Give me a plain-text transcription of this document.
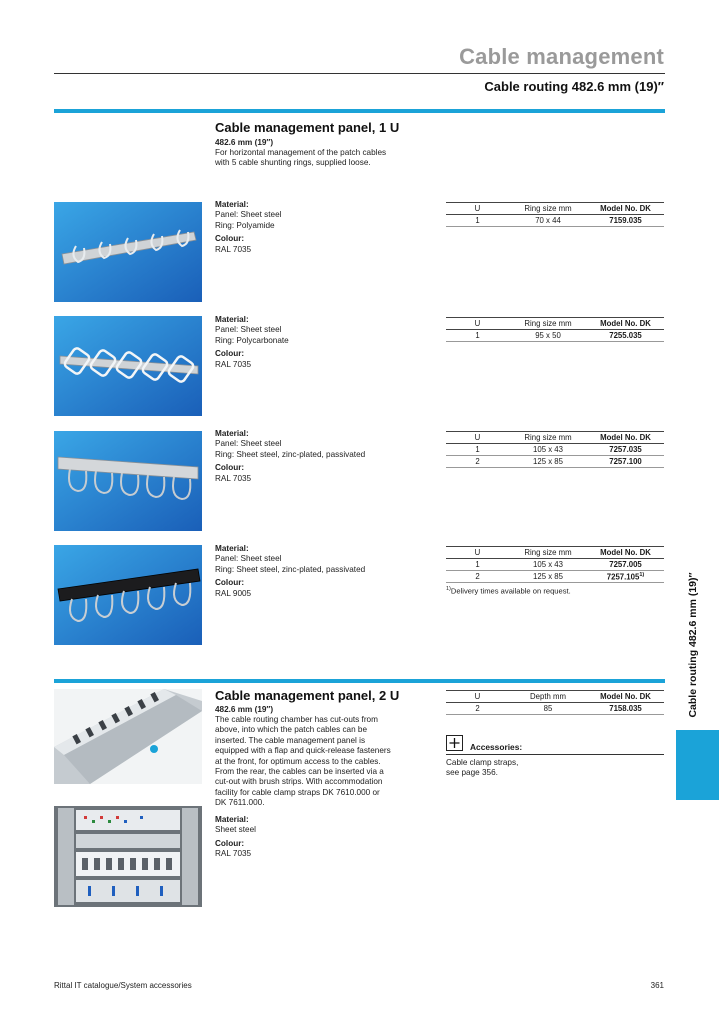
Cable management
Cable routing 482.6 mm (19)″
Cable management panel, 1 U
482.6 mm (19″)
For horizontal management of the patch cables
with 5 cable shunting rings, supplied loose.
Material:
Panel: Sheet steel
Ring: Polyamide
Colour:
RAL 7035
U	Ring size mm	Model No. DK
1	70 x 44	7159.035
Material:
Panel: Sheet steel
Ring: Polycarbonate
Colour:
RAL 7035
U	Ring size mm	Model No. DK
1	95 x 50	7255.035
Material:
Panel: Sheet steel
Ring: Sheet steel, zinc-plated, passivated
Colour:
RAL 7035
U	Ring size mm	Model No. DK
1	105 x 43	7257.035
2	125 x 85	7257.100
Material:
Panel: Sheet steel
Ring: Sheet steel, zinc-plated, passivated
Colour:
RAL 9005
U	Ring size mm	Model No. DK
1	105 x 43	7257.005
2	125 x 85	7257.105$^{1)}$
$^{1)}$Delivery times available on request.	Cable routing 482.6 mm (19)″
Cable management panel, 2 U
482.6 mm (19″)
The cable routing chamber has cut-outs from
above, into which the patch cables can be
inserted. The cable management panel is
equipped with a flap and quick-release fasteners
at the front, for optimum access to the cables.
From the rear, the cables can be inserted via a
cut-out with brush strips. With accommodation
facility for cable clamp straps DK 7610.000 or
DK 7611.000.
Material:
Sheet steel
Colour:
RAL 7035
U	Depth mm	Model No. DK
2	85	7158.035
Accessories:
Cable clamp straps,
see page 356.
Rittal IT catalogue/System accessories	361
